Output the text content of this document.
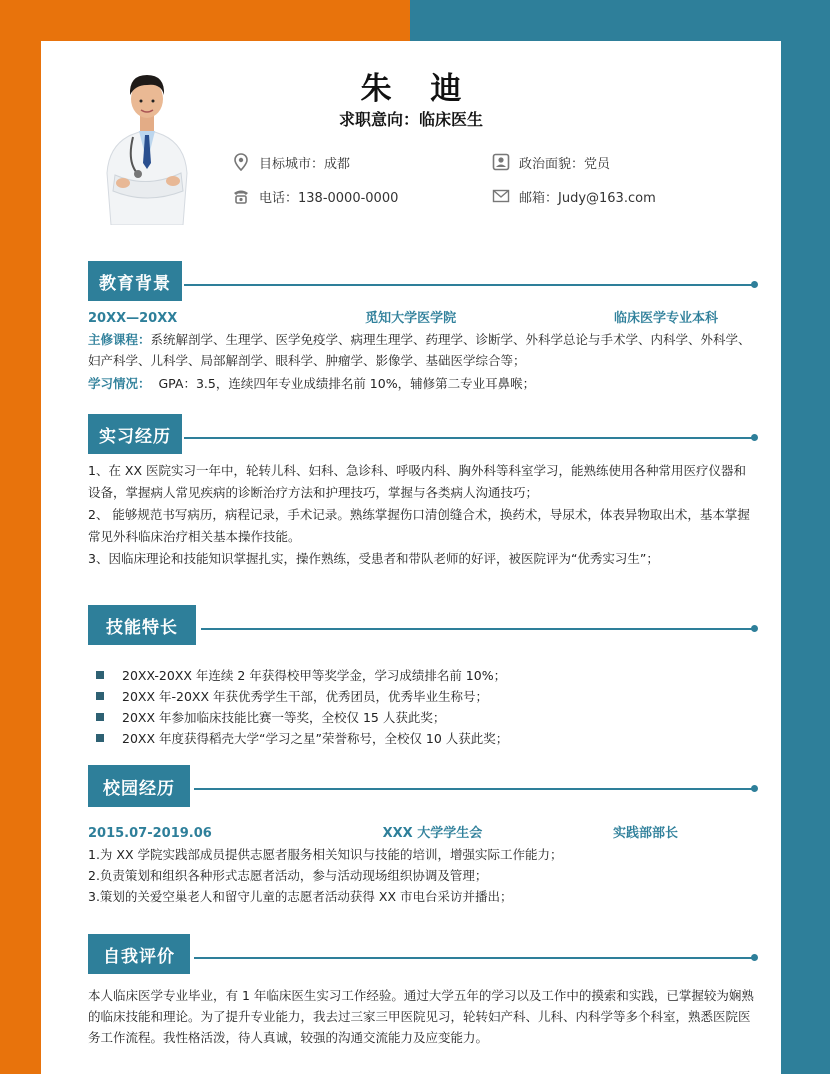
朱 迪
求职意向：临床医生
目标城市：成都	政治面貌：党员
电话：138-0000-0000	邮箱：Judy@163.com
教育背景
20XX—20XX	觅知大学医学院	临床医学专业本科

主修课程：系统解剖学、生理学、医学免疫学、病理生理学、药理学、诊断学、外科学总论与手术学、内科学、外科学、妇产科学、儿科学、局部解剖学、眼科学、肿瘤学、影像学、基础医学综合等；

学习情况： GPA：3.5，连续四年专业成绩排名前 10%，辅修第二专业耳鼻喉；

实习经历

1、在 XX 医院实习一年中，轮转儿科、妇科、急诊科、呼吸内科、胸外科等科室学习，能熟练使用各种常用医疗仪器和设备，掌握病人常见疾病的诊断治疗方法和护理技巧，掌握与各类病人沟通技巧；

2、 能够规范书写病历，病程记录，手术记录。熟练掌握伤口清创缝合术，换药术，导尿术，体表异物取出术，基本掌握常见外科临床治疗相关基本操作技能。

3、因临床理论和技能知识掌握扎实，操作熟练，受患者和带队老师的好评，被医院评为“优秀实习生”；

技能特长
20XX-20XX 年连续 2 年获得校甲等奖学金，学习成绩排名前 10%；
20XX 年-20XX 年获优秀学生干部，优秀团员，优秀毕业生称号；
20XX 年参加临床技能比赛一等奖，全校仅 15 人获此奖；
20XX 年度获得稻壳大学“学习之星”荣誉称号，全校仅 10 人获此奖；
校园经历
2015.07-2019.06	XXX 大学学生会	实践部部长

1.为 XX 学院实践部成员提供志愿者服务相关知识与技能的培训，增强实际工作能力；

2.负责策划和组织各种形式志愿者活动，参与活动现场组织协调及管理；

3.策划的关爱空巢老人和留守儿童的志愿者活动获得 XX 市电台采访并播出；

自我评价

本人临床医学专业毕业，有 1 年临床医生实习工作经验。通过大学五年的学习以及工作中的摸索和实践，已掌握较为娴熟的临床技能和理论。为了提升专业能力，我去过三家三甲医院见习，轮转妇产科、儿科、内科学等多个科室，熟悉医院医务工作流程。我性格活泼，待人真诚，较强的沟通交流能力及应变能力。
